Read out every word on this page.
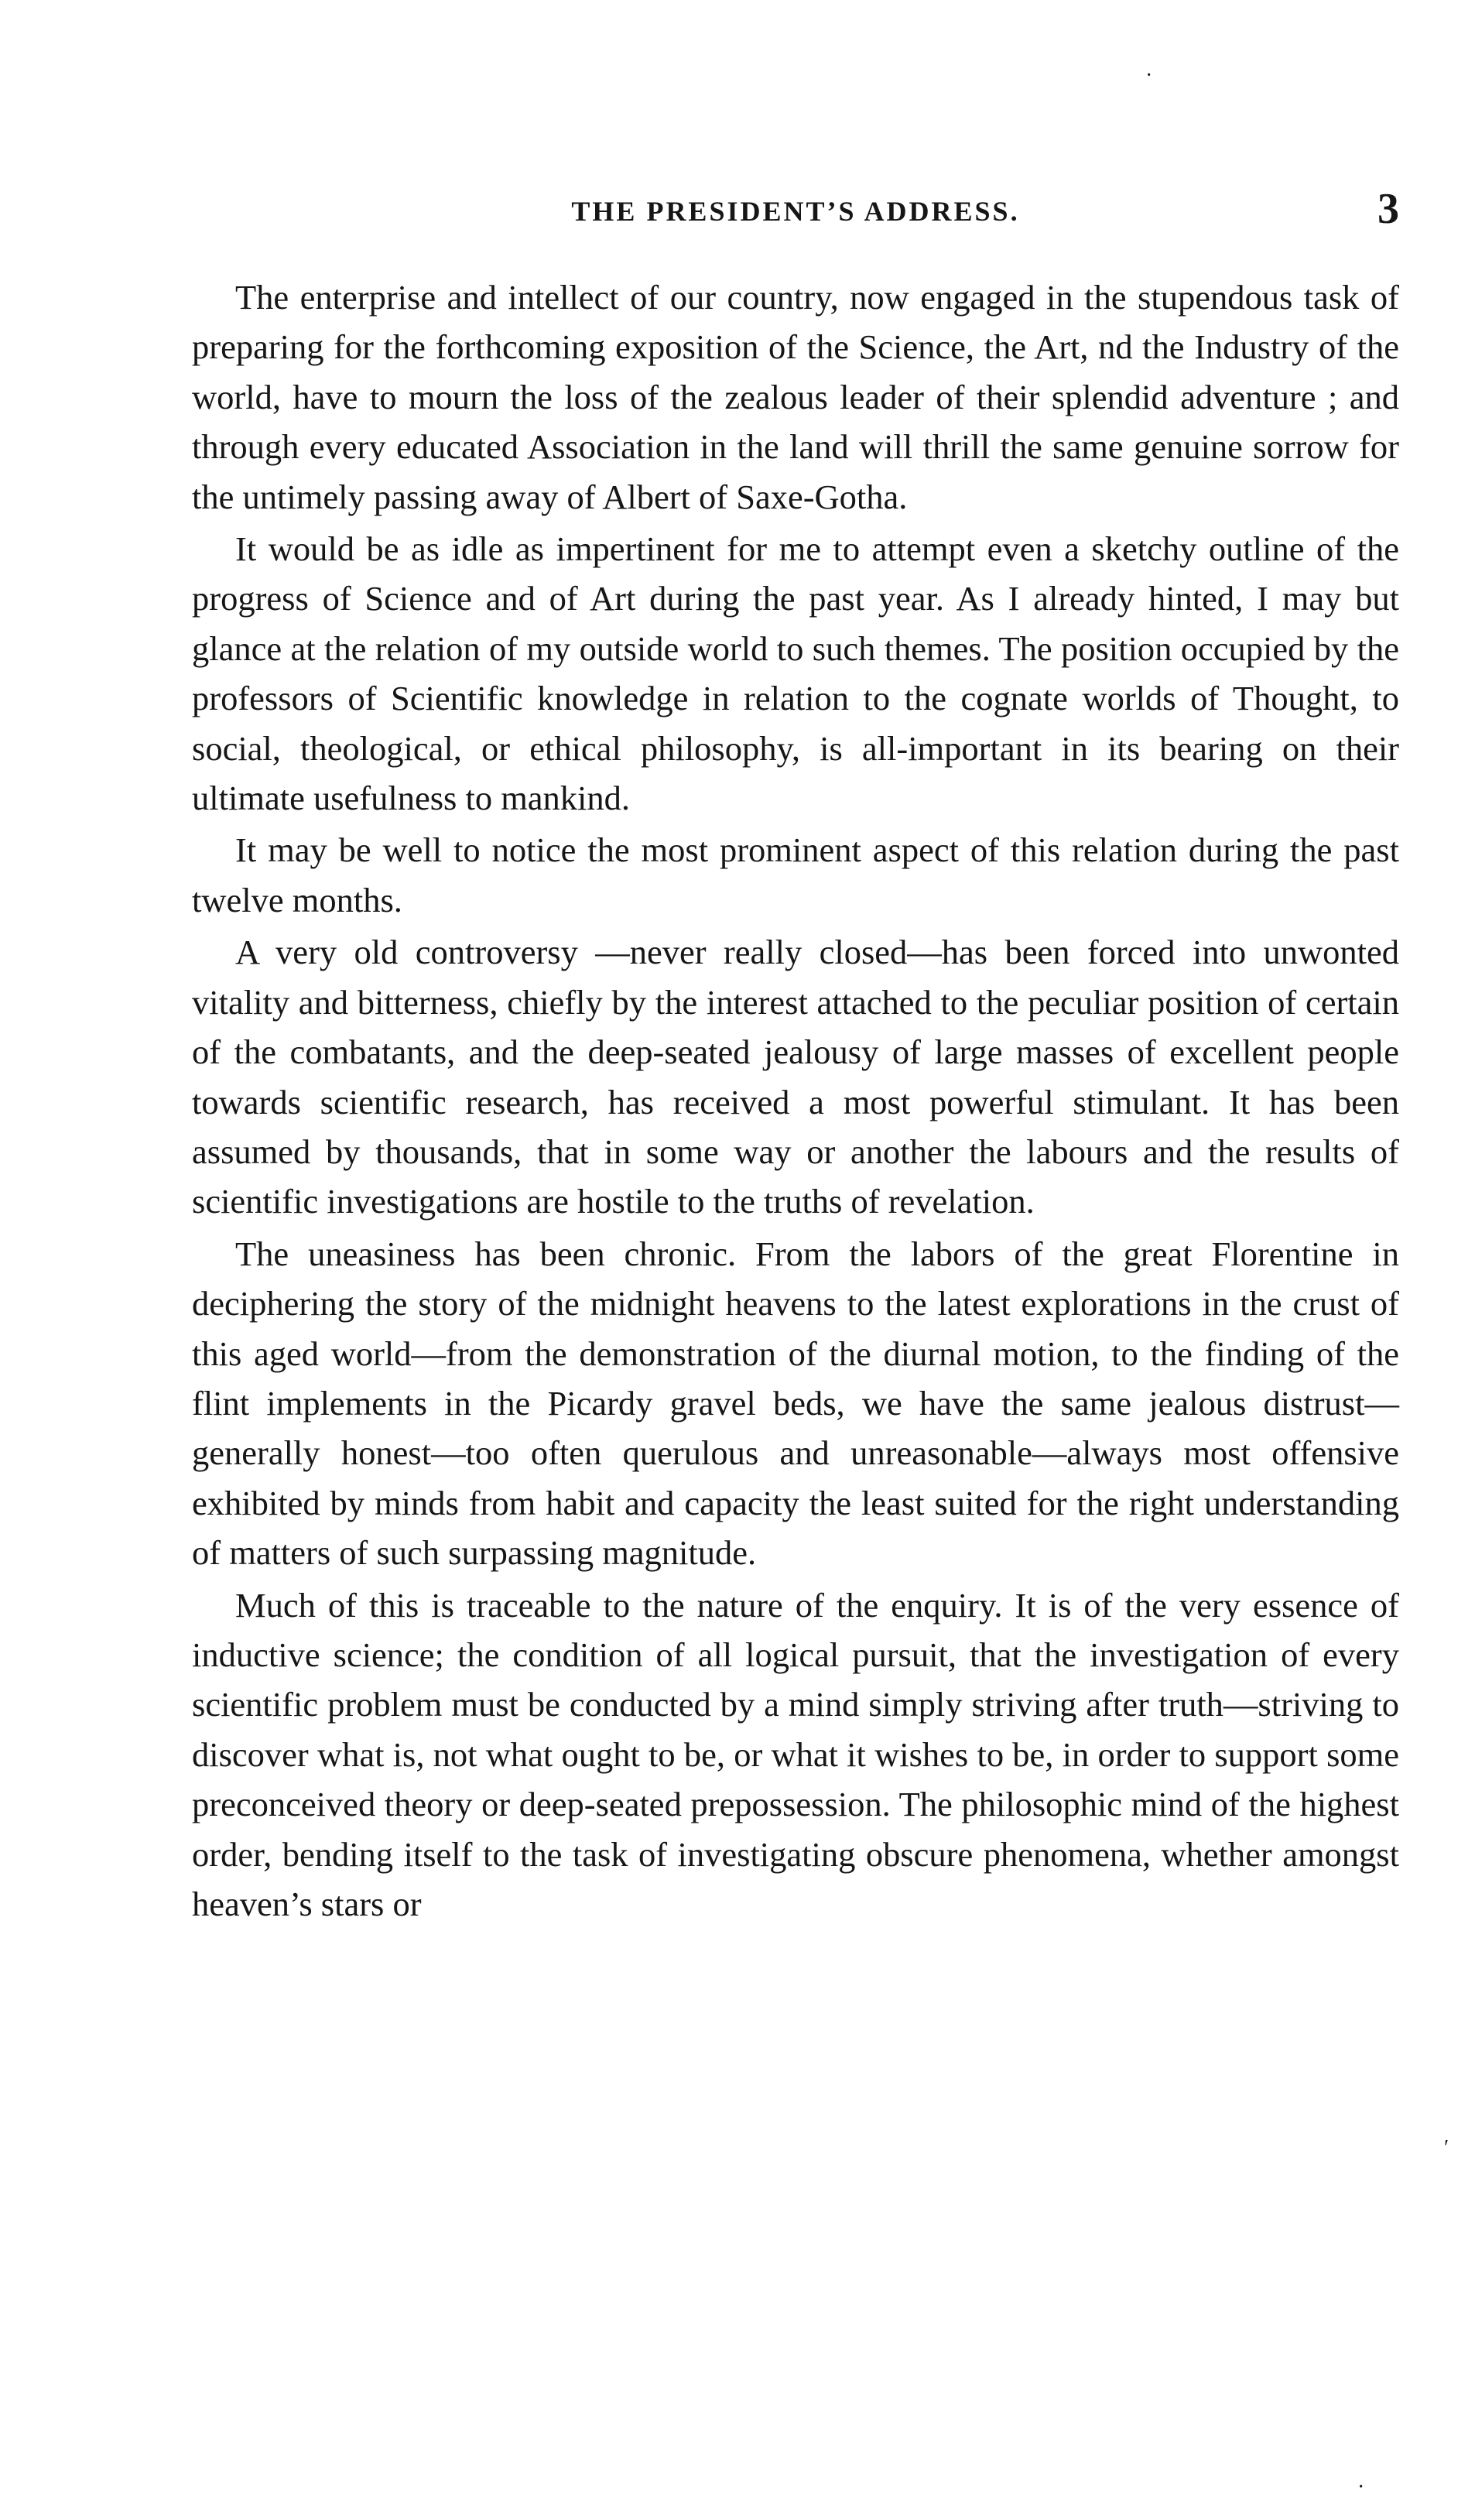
THE PRESIDENT’S ADDRESS.	3

The enterprise and intellect of our country, now engaged in the stupendous task of preparing for the forthcoming exposition of the Science, the Art, nd the Industry of the world, have to mourn the loss of the zealous leader of their splendid adventure ; and through every educated Association in the land will thrill the same genuine sorrow for the untimely passing away of Albert of Saxe-Gotha.

It would be as idle as impertinent for me to attempt even a sketchy outline of the progress of Science and of Art during the past year. As I already hinted, I may but glance at the relation of my outside world to such themes. The position occupied by the professors of Scientific knowledge in relation to the cognate worlds of Thought, to social, theological, or ethical philosophy, is all-important in its bearing on their ultimate usefulness to mankind.

It may be well to notice the most prominent aspect of this relation during the past twelve months.

A very old controversy —never really closed—has been forced into unwonted vitality and bitterness, chiefly by the interest attached to the peculiar position of certain of the combatants, and the deep-seated jealousy of large masses of excellent people towards scientific research, has received a most powerful stimulant. It has been assumed by thousands, that in some way or another the labours and the results of scientific investigations are hostile to the truths of revelation.

The uneasiness has been chronic. From the labors of the great Florentine in deciphering the story of the midnight heavens to the latest explorations in the crust of this aged world—from the demonstration of the diurnal motion, to the finding of the flint implements in the Picardy gravel beds, we have the same jealous distrust—generally honest—too often querulous and unreasonable—always most offensive exhibited by minds from habit and capacity the least suited for the right understanding of matters of such surpassing magnitude.

Much of this is traceable to the nature of the enquiry. It is of the very essence of inductive science; the condition of all logical pursuit, that the investigation of every scientific problem must be conducted by a mind simply striving after truth—striving to discover what is, not what ought to be, or what it wishes to be, in order to support some preconceived theory or deep-seated prepossession. The philosophic mind of the highest order, bending itself to the task of investigating obscure phenomena, whether amongst heaven’s stars or

·
′
·
